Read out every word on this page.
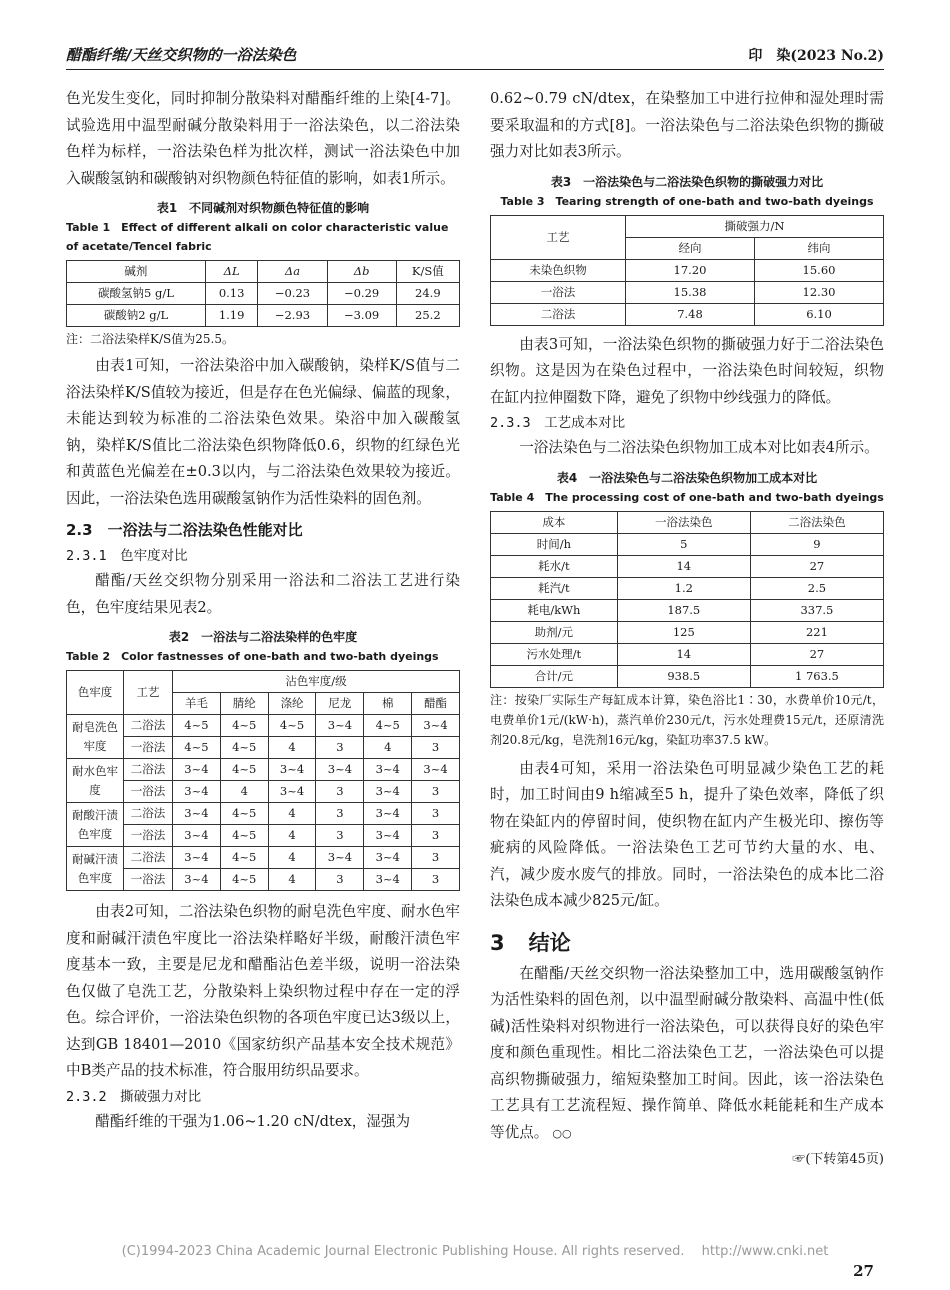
醋酯纤维/天丝交织物的一浴法染色	印　染(2023 No.2)

色光发生变化，同时抑制分散染料对醋酯纤维的上染[4-7]。试验选用中温型耐碱分散染料用于一浴法染色，以二浴法染色样为标样，一浴法染色样为批次样，测试一浴法染色中加入碳酸氢钠和碳酸钠对织物颜色特征值的影响，如表1所示。

表1　不同碱剂对织物颜色特征值的影响
Table 1　Effect of different alkali on color characteristic value of acetate/Tencel fabric
碱剂	ΔL	Δa	Δb	K/S值
碳酸氢钠5 g/L	0.13	−0.23	−0.29	24.9
碳酸钠2 g/L	1.19	−2.93	−3.09	25.2
注：二浴法染样K/S值为25.5。

由表1可知，一浴法染浴中加入碳酸钠，染样K/S值与二浴法染样K/S值较为接近，但是存在色光偏绿、偏蓝的现象，未能达到较为标准的二浴法染色效果。染浴中加入碳酸氢钠，染样K/S值比二浴法染色织物降低0.6，织物的红绿色光和黄蓝色光偏差在±0.3以内，与二浴法染色效果较为接近。因此，一浴法染色选用碳酸氢钠作为活性染料的固色剂。

2.3　一浴法与二浴法染色性能对比
2.3.1　色牢度对比

醋酯/天丝交织物分别采用一浴法和二浴法工艺进行染色，色牢度结果见表2。

表2　一浴法与二浴法染样的色牢度
Table 2　Color fastnesses of one-bath and two-bath dyeings
色牢度	工艺	沾色牢度/级					
		羊毛	腈纶	涤纶	尼龙	棉	醋酯
耐皂洗色牢度	二浴法	4~5	4~5	4~5	3~4	4~5	3~4
	一浴法	4~5	4~5	4	3	4	3
耐水色牢度	二浴法	3~4	4~5	3~4	3~4	3~4	3~4
	一浴法	3~4	4	3~4	3	3~4	3
耐酸汗渍色牢度	二浴法	3~4	4~5	4	3	3~4	3
	一浴法	3~4	4~5	4	3	3~4	3
耐碱汗渍色牢度	二浴法	3~4	4~5	4	3~4	3~4	3
	一浴法	3~4	4~5	4	3	3~4	3

由表2可知，二浴法染色织物的耐皂洗色牢度、耐水色牢度和耐碱汗渍色牢度比一浴法染样略好半级，耐酸汗渍色牢度基本一致，主要是尼龙和醋酯沾色差半级，说明一浴法染色仅做了皂洗工艺，分散染料上染织物过程中存在一定的浮色。综合评价，一浴法染色织物的各项色牢度已达3级以上，达到GB 18401—2010《国家纺织产品基本安全技术规范》中B类产品的技术标准，符合服用纺织品要求。

2.3.2　撕破强力对比

醋酯纤维的干强为1.06~1.20 cN/dtex，湿强为

0.62~0.79 cN/dtex，在染整加工中进行拉伸和湿处理时需要采取温和的方式[8]。一浴法染色与二浴法染色织物的撕破强力对比如表3所示。

表3　一浴法染色与二浴法染色织物的撕破强力对比
Table 3　Tearing strength of one-bath and two-bath dyeings
工艺	撕破强力/N	
	经向	纬向
未染色织物	17.20	15.60
一浴法	15.38	12.30
二浴法	7.48	6.10

由表3可知，一浴法染色织物的撕破强力好于二浴法染色织物。这是因为在染色过程中，一浴法染色时间较短，织物在缸内拉伸圈数下降，避免了织物中纱线强力的降低。

2.3.3　工艺成本对比

一浴法染色与二浴法染色织物加工成本对比如表4所示。

表4　一浴法染色与二浴法染色织物加工成本对比
Table 4　The processing cost of one-bath and two-bath dyeings
成本	一浴法染色	二浴法染色
时间/h	5	9
耗水/t	14	27
耗汽/t	1.2	2.5
耗电/kWh	187.5	337.5
助剂/元	125	221
污水处理/t	14	27
合计/元	938.5	1 763.5
注：按染厂实际生产每缸成本计算，染色浴比1∶30，水费单价10元/t，电费单价1元/(kW·h)，蒸汽单价230元/t，污水处理费15元/t，还原清洗剂20.8元/kg，皂洗剂16元/kg，染缸功率37.5 kW。

由表4可知，采用一浴法染色可明显减少染色工艺的耗时，加工时间由9 h缩减至5 h，提升了染色效率，降低了织物在染缸内的停留时间，使织物在缸内产生极光印、擦伤等疵病的风险降低。一浴法染色工艺可节约大量的水、电、汽，减少废水废气的排放。同时，一浴法染色的成本比二浴法染色成本减少825元/缸。

3 结论

在醋酯/天丝交织物一浴法染整加工中，选用碳酸氢钠作为活性染料的固色剂，以中温型耐碱分散染料、高温中性(低碱)活性染料对织物进行一浴法染色，可以获得良好的染色牢度和颜色重现性。相比二浴法染色工艺，一浴法染色可以提高织物撕破强力，缩短染整加工时间。因此，该一浴法染色工艺具有工艺流程短、操作简单、降低水耗能耗和生产成本等优点。 ○○

☞(下转第45页)
(C)1994-2023 China Academic Journal Electronic Publishing House. All rights reserved.　 http://www.cnki.net
27
